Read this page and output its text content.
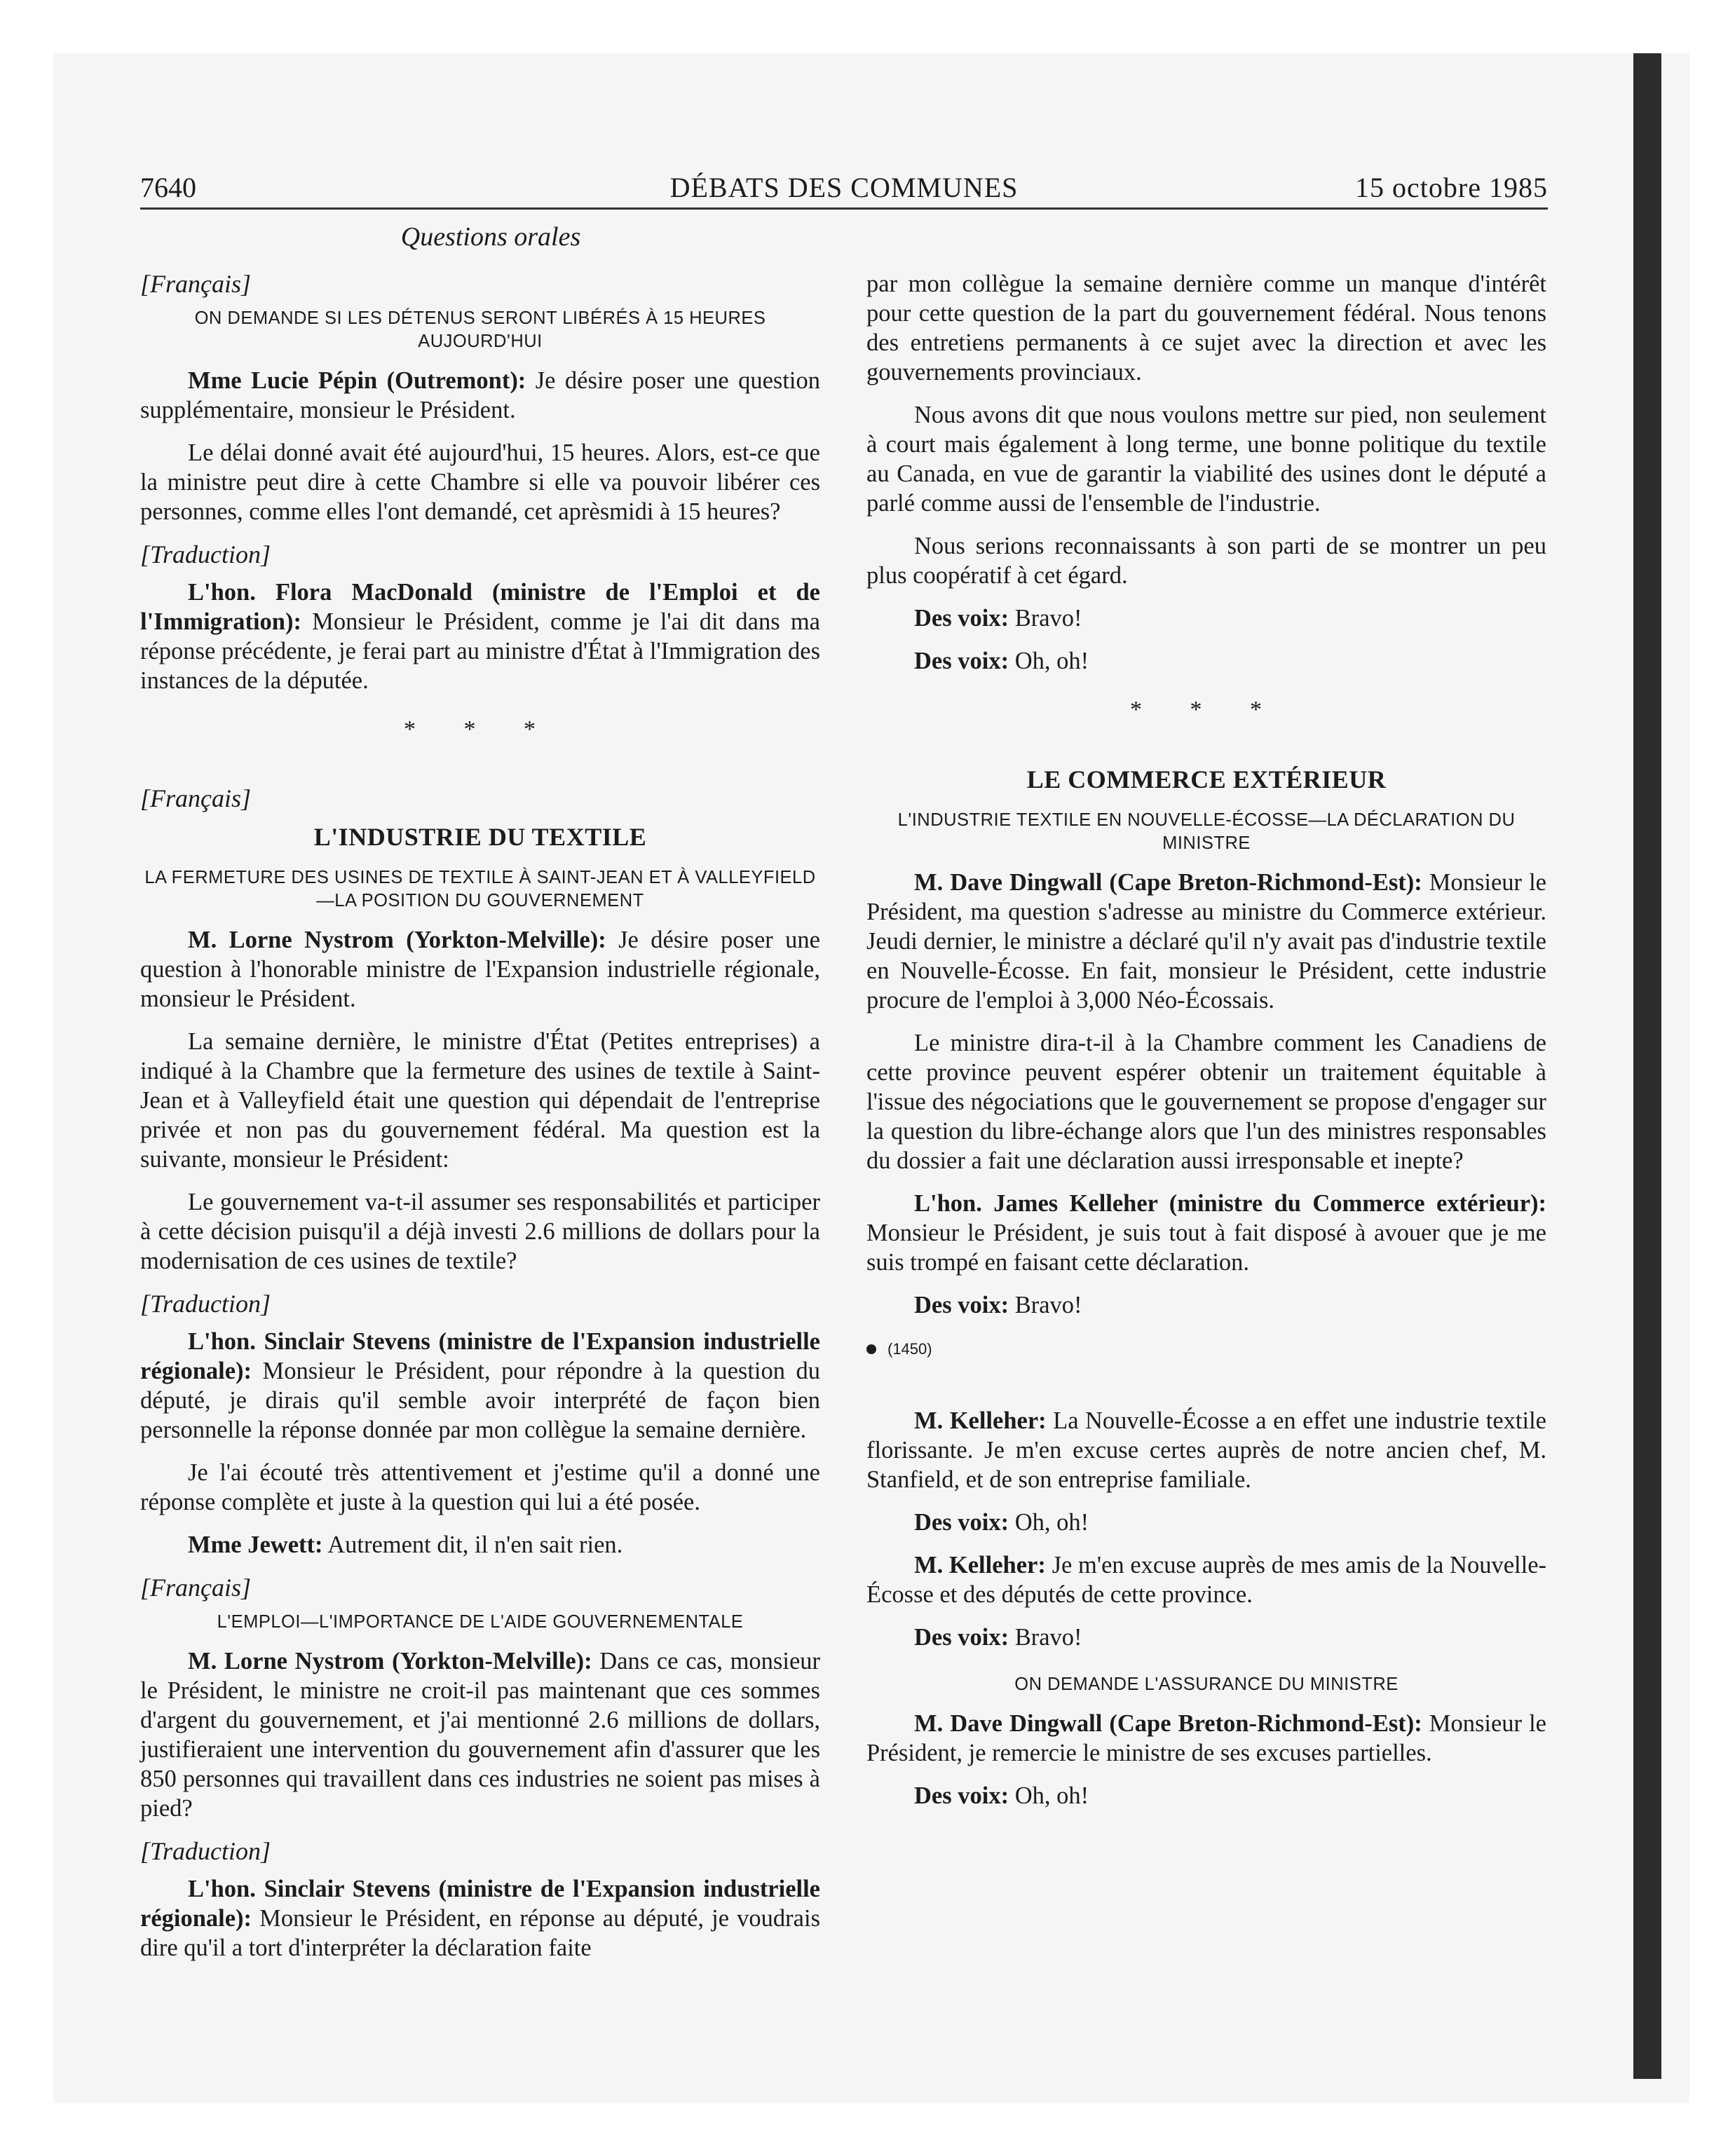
7640	DÉBATS DES COMMUNES	15 octobre 1985
Questions orales

[Français]

ON DEMANDE SI LES DÉTENUS SERONT LIBÉRÉS À 15 HEURES AUJOURD'HUI

Mme Lucie Pépin (Outremont): Je désire poser une question supplémentaire, monsieur le Président.

Le délai donné avait été aujourd'hui, 15 heures. Alors, est-ce que la ministre peut dire à cette Chambre si elle va pouvoir libérer ces personnes, comme elles l'ont demandé, cet aprèsmidi à 15 heures?

[Traduction]

L'hon. Flora MacDonald (ministre de l'Emploi et de l'Immigration): Monsieur le Président, comme je l'ai dit dans ma réponse précédente, je ferai part au ministre d'État à l'Immigration des instances de la députée.

* * *

[Français]

L'INDUSTRIE DU TEXTILE

LA FERMETURE DES USINES DE TEXTILE À SAINT-JEAN ET À VALLEYFIELD—LA POSITION DU GOUVERNEMENT

M. Lorne Nystrom (Yorkton-Melville): Je désire poser une question à l'honorable ministre de l'Expansion industrielle régionale, monsieur le Président.

La semaine dernière, le ministre d'État (Petites entreprises) a indiqué à la Chambre que la fermeture des usines de textile à Saint-Jean et à Valleyfield était une question qui dépendait de l'entreprise privée et non pas du gouvernement fédéral. Ma question est la suivante, monsieur le Président:

Le gouvernement va-t-il assumer ses responsabilités et participer à cette décision puisqu'il a déjà investi 2.6 millions de dollars pour la modernisation de ces usines de textile?

[Traduction]

L'hon. Sinclair Stevens (ministre de l'Expansion industrielle régionale): Monsieur le Président, pour répondre à la question du député, je dirais qu'il semble avoir interprété de façon bien personnelle la réponse donnée par mon collègue la semaine dernière.

Je l'ai écouté très attentivement et j'estime qu'il a donné une réponse complète et juste à la question qui lui a été posée.

Mme Jewett: Autrement dit, il n'en sait rien.

[Français]

L'EMPLOI—L'IMPORTANCE DE L'AIDE GOUVERNEMENTALE

M. Lorne Nystrom (Yorkton-Melville): Dans ce cas, monsieur le Président, le ministre ne croit-il pas maintenant que ces sommes d'argent du gouvernement, et j'ai mentionné 2.6 millions de dollars, justifieraient une intervention du gouvernement afin d'assurer que les 850 personnes qui travaillent dans ces industries ne soient pas mises à pied?

[Traduction]

L'hon. Sinclair Stevens (ministre de l'Expansion industrielle régionale): Monsieur le Président, en réponse au député, je voudrais dire qu'il a tort d'interpréter la déclaration faite

par mon collègue la semaine dernière comme un manque d'intérêt pour cette question de la part du gouvernement fédéral. Nous tenons des entretiens permanents à ce sujet avec la direction et avec les gouvernements provinciaux.

Nous avons dit que nous voulons mettre sur pied, non seulement à court mais également à long terme, une bonne politique du textile au Canada, en vue de garantir la viabilité des usines dont le député a parlé comme aussi de l'ensemble de l'industrie.

Nous serions reconnaissants à son parti de se montrer un peu plus coopératif à cet égard.

Des voix: Bravo!

Des voix: Oh, oh!

* * *

LE COMMERCE EXTÉRIEUR

L'INDUSTRIE TEXTILE EN NOUVELLE-ÉCOSSE—LA DÉCLARATION DU MINISTRE

M. Dave Dingwall (Cape Breton-Richmond-Est): Monsieur le Président, ma question s'adresse au ministre du Commerce extérieur. Jeudi dernier, le ministre a déclaré qu'il n'y avait pas d'industrie textile en Nouvelle-Écosse. En fait, monsieur le Président, cette industrie procure de l'emploi à 3,000 Néo-Écossais.

Le ministre dira-t-il à la Chambre comment les Canadiens de cette province peuvent espérer obtenir un traitement équitable à l'issue des négociations que le gouvernement se propose d'engager sur la question du libre-échange alors que l'un des ministres responsables du dossier a fait une déclaration aussi irresponsable et inepte?

L'hon. James Kelleher (ministre du Commerce extérieur): Monsieur le Président, je suis tout à fait disposé à avouer que je me suis trompé en faisant cette déclaration.

Des voix: Bravo!

(1450)

M. Kelleher: La Nouvelle-Écosse a en effet une industrie textile florissante. Je m'en excuse certes auprès de notre ancien chef, M. Stanfield, et de son entreprise familiale.

Des voix: Oh, oh!

M. Kelleher: Je m'en excuse auprès de mes amis de la Nouvelle-Écosse et des députés de cette province.

Des voix: Bravo!

ON DEMANDE L'ASSURANCE DU MINISTRE

M. Dave Dingwall (Cape Breton-Richmond-Est): Monsieur le Président, je remercie le ministre de ses excuses partielles.

Des voix: Oh, oh!
